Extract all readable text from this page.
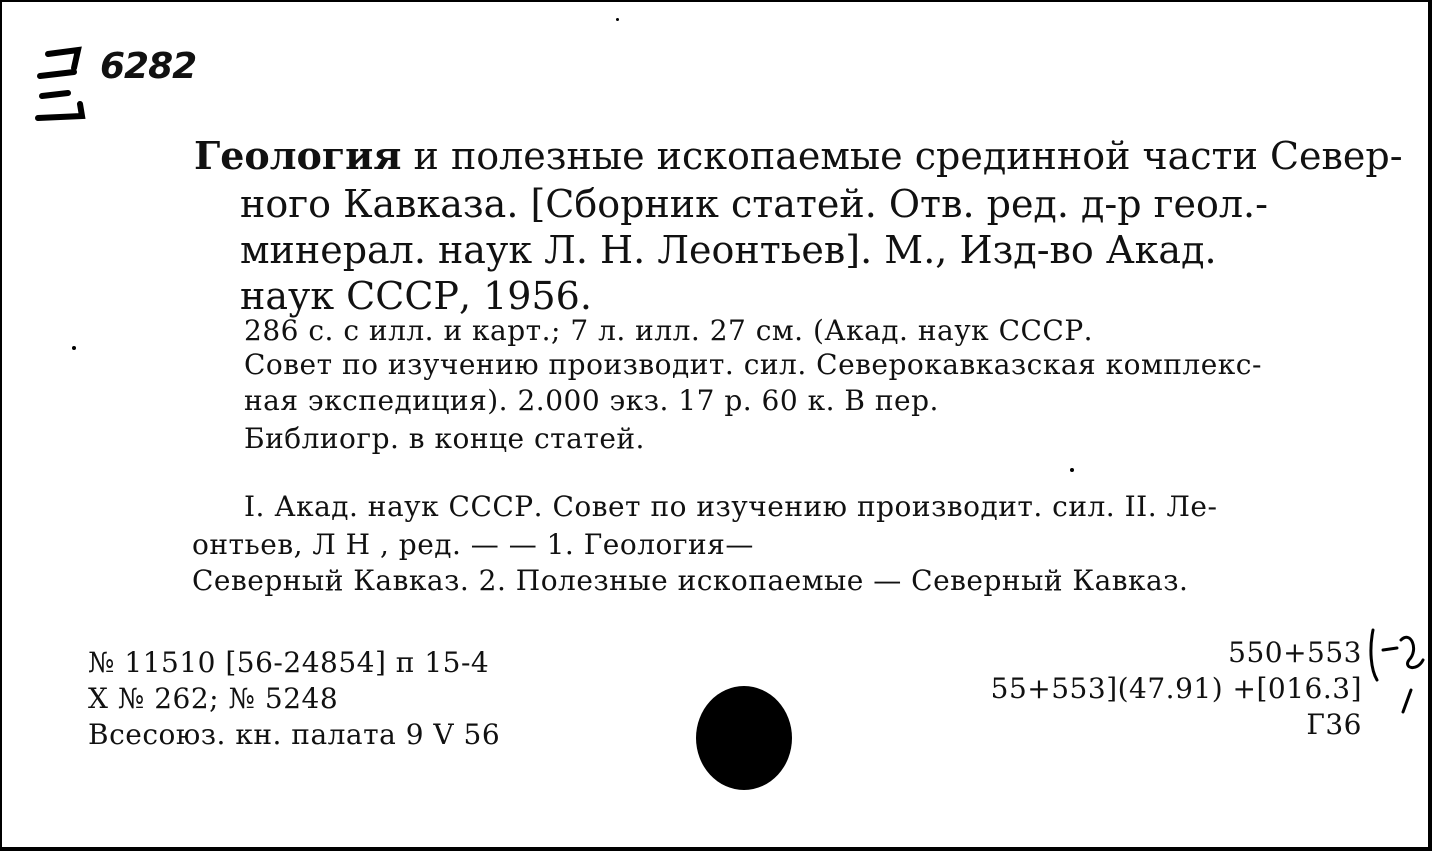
6282
Геология и полезные ископаемые срединной части Север-
ного Кавказа. [Сборник статей. Отв. ред. д-р геол.-
минерал. наук Л. Н. Леонтьев]. М., Изд-во Акад.
наук СССР, 1956.
286 с. с илл. и карт.; 7 л. илл. 27 см. (Акад. наук СССР.
Совет по изучению производит. сил. Северокавказская комплекс-
ная экспедиция). 2.000 экз. 17 р. 60 к. В пер.
Библиогр. в конце статей.
I. Акад. наук СССР. Совет по изучению производит. сил. II. Ле-
онтьев, Л Н , ред. — — 1. Геология—
Северный Кавказ. 2. Полезные ископаемые — Северный Кавказ.
№ 11510 [56-24854] п 15-4
X № 262; № 5248
Всесоюз. кн. палата 9 V 56
550+553
55+553](47.91) +[016.3]
Г36
